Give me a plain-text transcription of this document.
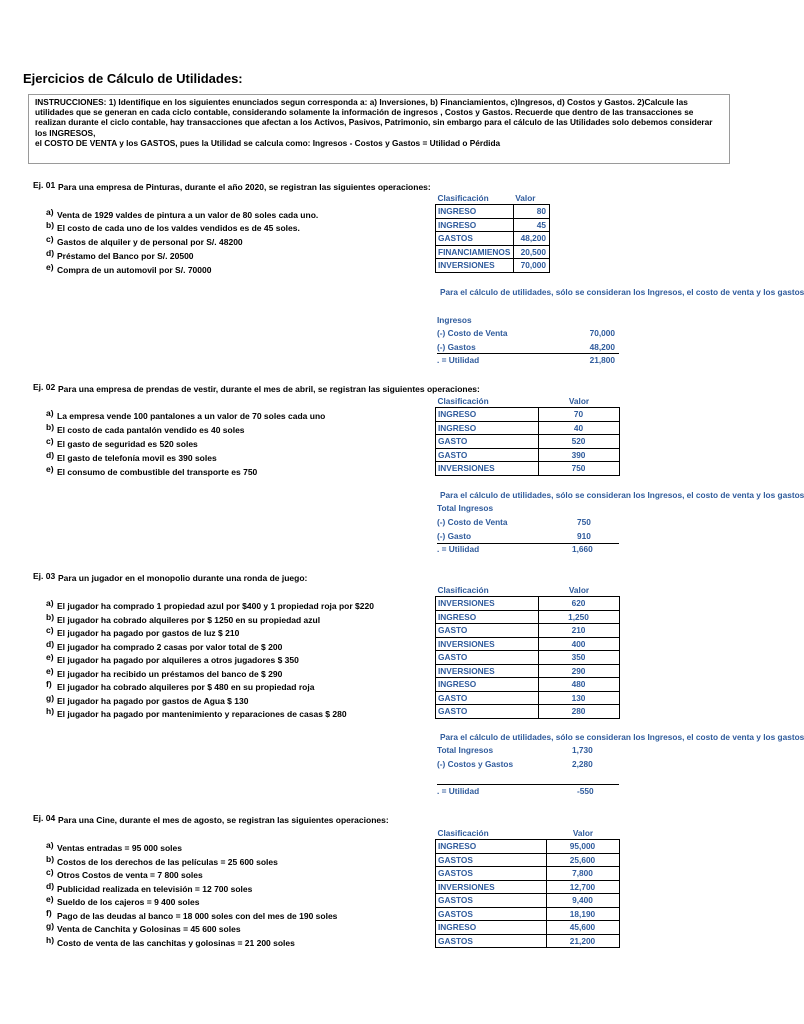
Ejercicios de Cálculo de Utilidades:

INSTRUCCIONES: 1) Identifique en los siguientes enunciados segun corresponda a: a) Inversiones, b) Financiamientos, c)Ingresos, d) Costos y Gastos. 2)Calcule las utilidades que se generan en cada ciclo contable, considerando solamente la información de ingresos , Costos y Gastos. Recuerde que dentro de las transacciones se realizan durante el ciclo contable, hay transacciones que afectan a los Activos, Pasivos, Patrimonio, sin embargo para el cálculo de las Utilidades solo debemos considerar los INGRESOS,

el COSTO DE VENTA y los GASTOS, pues la Utilidad se calcula como: Ingresos - Costos y Gastos = Utilidad o Pérdida

Ej. 01 Para una empresa de Pinturas, durante el año 2020, se registran las siguientes operaciones:
a) Venta de 1929 valdes de pintura a un valor de 80 soles cada uno.
b) El costo de cada uno de los valdes vendidos es de 45 soles.
c) Gastos de alquiler y de personal por S/. 48200
d) Préstamo del Banco por S/. 20500
e) Compra de un automovil por S/. 70000
Clasificación	Valor
INGRESO	80
INGRESO	45
GASTOS	48,200
FINANCIAMIENOS	20,500
INVERSIONES	70,000
Para el cálculo de utilidades, sólo se consideran los Ingresos, el costo de venta y los gastos
Ingresos
(-) Costo de Venta	70,000
(-) Gastos	48,200
. = Utilidad	21,800
Ej. 02 Para una empresa de prendas de vestir, durante el mes de abril, se registran las siguientes operaciones:
a) La empresa vende 100 pantalones a un valor de 70 soles cada uno
b) El costo de cada pantalón vendido es 40 soles
c) El gasto de seguridad es 520 soles
d) El gasto de telefonía movil es 390 soles
e) El consumo de combustible del transporte es 750
Clasificación	Valor
INGRESO	70
INGRESO	40
GASTO	520
GASTO	390
INVERSIONES	750
Para el cálculo de utilidades, sólo se consideran los Ingresos, el costo de venta y los gastos
Total Ingresos
(-) Costo de Venta	750
(-) Gasto	910
. = Utilidad	1,660
Ej. 03 Para un jugador en el monopolio durante una ronda de juego:
a) El jugador ha comprado 1 propiedad azul por $400 y 1 propiedad roja por $220
b) El jugador ha cobrado alquileres por $ 1250 en su propiedad azul
c) El jugador ha pagado por gastos de luz $ 210
d) El jugador ha comprado 2 casas por valor total de $ 200
e) El jugador ha pagado por alquileres a otros jugadores $ 350
e) El jugador ha recibido un préstamos del banco de $ 290
f) El jugador ha cobrado alquileres por $ 480 en su propiedad roja
g) El jugador ha pagado por gastos de Agua $ 130
h) El jugador ha pagado por mantenimiento y reparaciones de casas $ 280
Clasificación	Valor
INVERSIONES	620
INGRESO	1,250
GASTO	210
INVERSIONES	400
GASTO	350
INVERSIONES	290
INGRESO	480
GASTO	130
GASTO	280
Para el cálculo de utilidades, sólo se consideran los Ingresos, el costo de venta y los gastos
Total Ingresos	1,730
(-) Costos y Gastos	2,280
. = Utilidad	-550
Ej. 04 Para una Cine, durante el mes de agosto, se registran las siguientes operaciones:
a) Ventas entradas = 95 000 soles
b) Costos de los derechos de las películas = 25 600 soles
c) Otros Costos de venta = 7 800 soles
d) Publicidad realizada en televisión = 12 700 soles
e) Sueldo de los cajeros = 9 400 soles
f) Pago de las deudas al banco = 18 000 soles con del mes de 190 soles
g) Venta de Canchita y Golosinas = 45 600 soles
h) Costo de venta de las canchitas y golosinas = 21 200 soles
Clasificación	Valor
INGRESO	95,000
GASTOS	25,600
GASTOS	7,800
INVERSIONES	12,700
GASTOS	9,400
GASTOS	18,190
INGRESO	45,600
GASTOS	21,200
